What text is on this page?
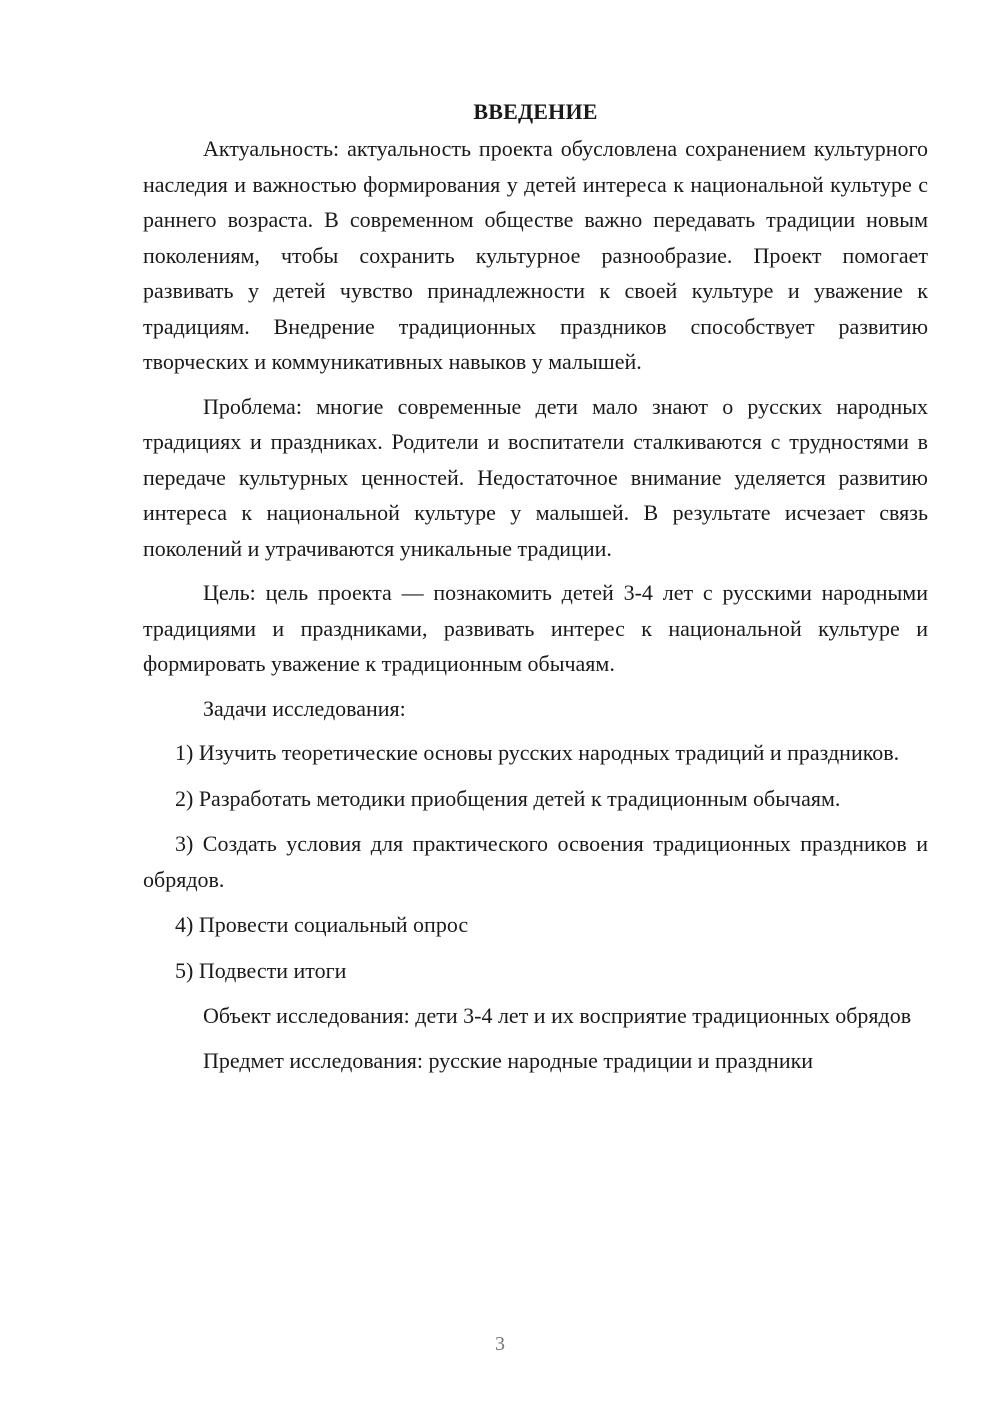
ВВЕДЕНИЕ

Актуальность: актуальность проекта обусловлена сохранением культурного наследия и важностью формирования у детей интереса к национальной культуре с раннего возраста. В современном обществе важно передавать традиции новым поколениям, чтобы сохранить культурное разнообразие. Проект помогает развивать у детей чувство принадлежности к своей культуре и уважение к традициям. Внедрение традиционных праздников способствует развитию творческих и коммуникативных навыков у малышей.

Проблема: многие современные дети мало знают о русских народных традициях и праздниках. Родители и воспитатели сталкиваются с трудностями в передаче культурных ценностей. Недостаточное внимание уделяется развитию интереса к национальной культуре у малышей. В результате исчезает связь поколений и утрачиваются уникальные традиции.

Цель: цель проекта — познакомить детей 3-4 лет с русскими народными традициями и праздниками, развивать интерес к национальной культуре и формировать уважение к традиционным обычаям.

Задачи исследования:

1) Изучить теоретические основы русских народных традиций и праздников.

2) Разработать методики приобщения детей к традиционным обычаям.

3) Создать условия для практического освоения традиционных праздников и обрядов.

4) Провести социальный опрос

5) Подвести итоги

Объект исследования: дети 3-4 лет и их восприятие традиционных обрядов

Предмет исследования: русские народные традиции и праздники

3
